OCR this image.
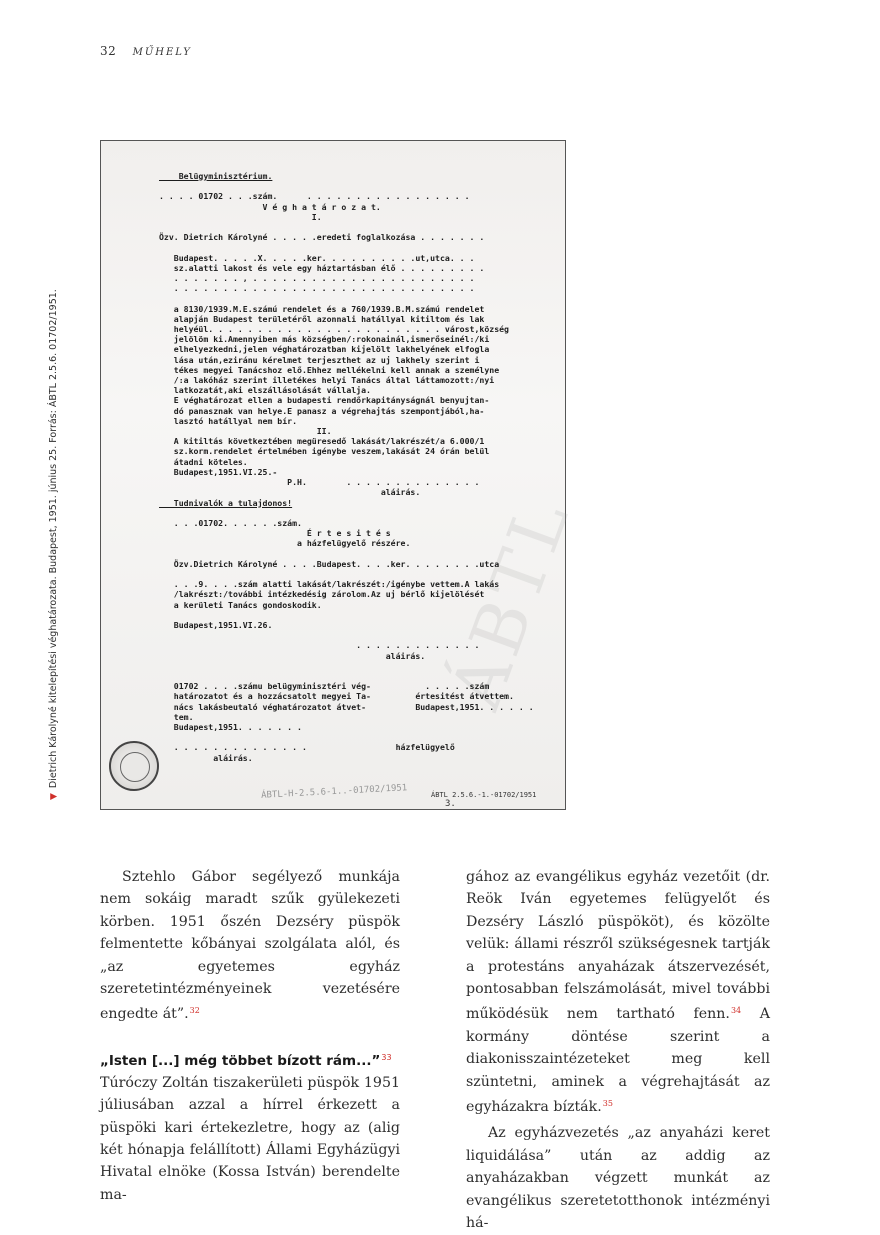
32 MŰHELY
▼Dietrich Károlyné kitelepítési véghatározata. Budapest, 1951. június 25. Forrás: ÁBTL 2.5.6. 01702/1951.	ÁBTL
Belügyminisztérium.

. . . . 01702 . . .szám.      . . . . . . . . . . . . . . . . .
V é g h a t á r o z a t.
I.

Özv. Dietrich Károlyné . . . . .eredeti foglalkozása . . . . . . .

Budapest. . . . .X. . . . .ker. . . . . . . . . .ut,utca. . .
sz.alatti lakost és vele egy háztartásban élő . . . . . . . . .
. . . . . . . , . . . . . . . . . . . . . . . . . . . . . . .
. . . . . . . . . . . . . . . . . . . . . . . . . . . . . . .

a 8130/1939.M.E.számú rendelet és a 760/1939.B.M.számú rendelet
alapján Budapest területéről azonnali hatállyal kitiltom és lak
helyéül. . . . . . . . . . . . . . . . . . . . . . . . várost,község
jelölöm ki.Amennyiben más községben/:rokonainál,ismerőseinél:/ki
elhelyezkedni,jelen véghatározatban kijelölt lakhelyének elfogla
lása után,eziránu kérelmet terjeszthet az uj lakhely szerint i
tékes megyei Tanácshoz elő.Ehhez mellékelni kell annak a személyne
/:a lakóház szerint illetékes helyi Tanács által láttamozott:/nyi
latkozatát,aki elszállásolását vállalja.
E véghatározat ellen a budapesti rendőrkapitányságnál benyujtan-
dó panasznak van helye.E panasz a végrehajtás szempontjából,ha-
lasztó hatállyal nem bír.
II.
A kitiltás következtében megüresedő lakását/lakrészét/a 6.000/1
sz.korm.rendelet értelmében igénybe veszem,lakását 24 órán belül
átadni köteles.
Budapest,1951.VI.25.-
P.H.        . . . . . . . . . . . . . .
aláirás.
Tudnivalók a tulajdonos!

. . .01702. . . . . .szám.
É r t e s i t é s
a házfelügyelő részére.

Özv.Dietrich Károlyné . . . .Budapest. . . .ker. . . . . . . .utca

. . .9. . . .szám alatti lakását/lakrészét:/igénybe vettem.A lakás
/lakrészt:/további intézkedésig zárolom.Az uj bérlő kijelölését
a kerületi Tanács gondoskodik.

Budapest,1951.VI.26.

. . . . . . . . . . . . .
aláirás.

01702 . . . .számu belügyminisztéri vég-           . . . . .szám
határozatot és a hozzácsatolt megyei Ta-         értesitést átvettem.
nács lakásbeutaló véghatározatot átvet-          Budapest,1951. . . . . .
tem.
Budapest,1951. . . . . . .

. . . . . . . . . . . . . .                  házfelügyelő
aláirás.
ÁBTL-H-2.5.6-1..-01702/1951	ÁBTL 2.5.6.-1.-01702/1951 3.

Sztehlo Gábor segélyező munkája nem sokáig maradt szűk gyülekezeti körben. 1951 őszén Dezséry püspök felmentette kőbányai szolgálata alól, és „az egyetemes egyház szeretetintézményeinek vezetésére engedte át”.$^{32}$

„Isten [...] még többet bízott rám...”$^{33}$

Túróczy Zoltán tiszakerületi püspök 1951 júliusában azzal a hírrel érkezett a püspöki kari értekezletre, hogy az (alig két hónapja felállított) Állami Egyházügyi Hivatal elnöke (Kossa István) berendelte ma-

gához az evangélikus egyház vezetőit (dr. Reök Iván egyetemes felügyelőt és Dezséry László püspököt), és közölte velük: állami részről szükségesnek tartják a protestáns anyaházak átszervezését, pontosabban felszámolását, mivel további működésük nem tartható fenn.$^{34}$ A kormány döntése szerint a diakonisszaintézeteket meg kell szüntetni, aminek a végrehajtását az egyházakra bízták.$^{35}$

Az egyházvezetés „az anyaházi keret liquidálása” után az addig az anyaházakban végzett munkát az evangélikus szeretetotthonok intézményi há-
